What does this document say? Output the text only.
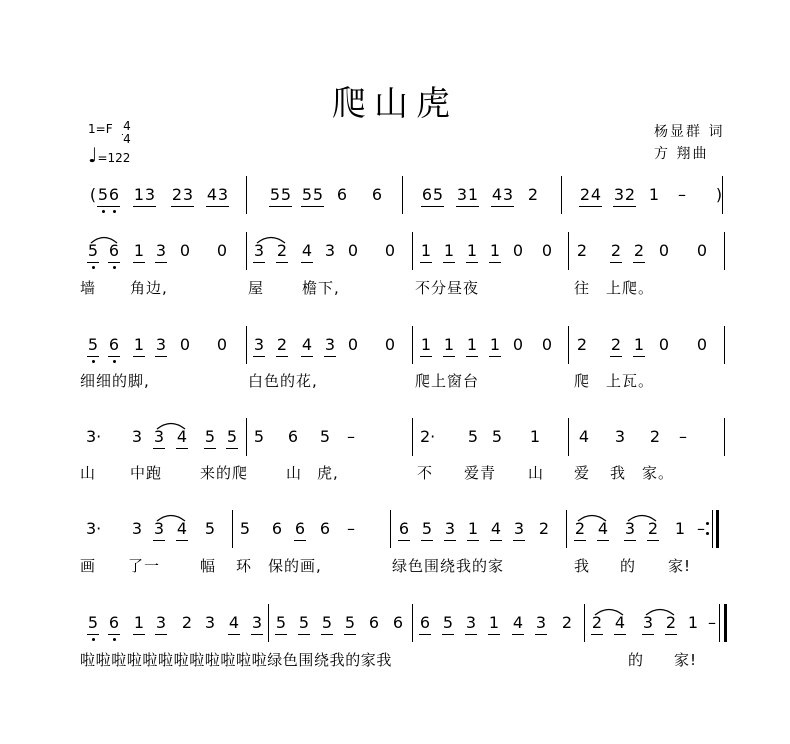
爬山虎
1=F 4
4
♩=122
杨显群 词
方 翔曲
( 5 6 1 3 2 3 4 3	5 5 5 5 6 6 6 5 3 1 4 3 2	2 4 3 2 1 – )
5 6 1 3 0 0 3 2 4 3 0 0 1 1 1 1 0 0 2 2 2 0 0
墙 角边,	屋	檐下,	不分昼夜	往 上爬。
5 6 1 3 0 0 3 2 4 3 0 0 1 1 1 1 0 0 2 2 1 0 0
细细的脚,	白色的花,	爬上窗台	爬 上瓦。
3· 3 3 4 5 5 5 6 5 –	2· 5 5 1 4 3 2 –
山 中跑	来的爬	山 虎,	不 爱青 山 爱 我 家。
3· 3 3 4 5 5 6 6 6 –	6 5 3 1 4 3 2 2 4 3 2 1 –
画 了一	幅 环 保的画,	绿色围绕我的家	我 的 家!
5 6 1 3 2 3 4 3 5 5 5 5 6 6 6 5 3 1 4 3 2 2 4 3 2 1 –
啦啦啦啦啦啦啦啦啦啦啦啦绿色围绕我的家我	的 家!
